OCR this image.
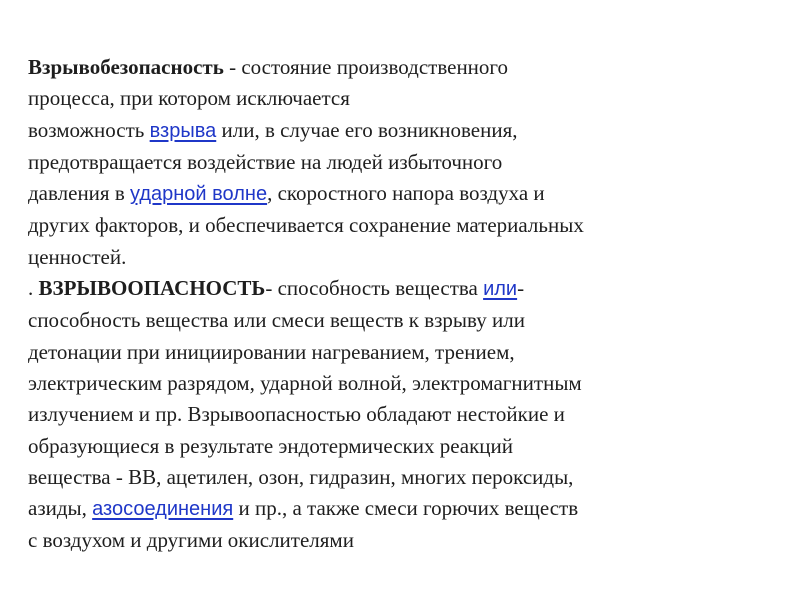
Взрывобезопасность - состояние производственного
процесса, при котором исключается
возможность взрыва или, в случае его возникновения,
предотвращается воздействие на людей избыточного
давления в ударной волне, скоростного напора воздуха и
других факторов, и обеспечивается сохранение материальных
ценностей.
. ВЗРЫВООПАСНОСТЬ- способность вещества или-
способность вещества или смеси веществ к взрыву или
детонации при инициировании нагреванием, трением,
электрическим разрядом, ударной волной, электромагнитным
излучением и пр. Взрывоопасностью обладают нестойкие и
образующиеся в результате эндотермических реакций
вещества - ВВ, ацетилен, озон, гидразин, многих пероксиды,
азиды, азосоединения и пр., а также смеси горючих веществ
с воздухом и другими окислителями
